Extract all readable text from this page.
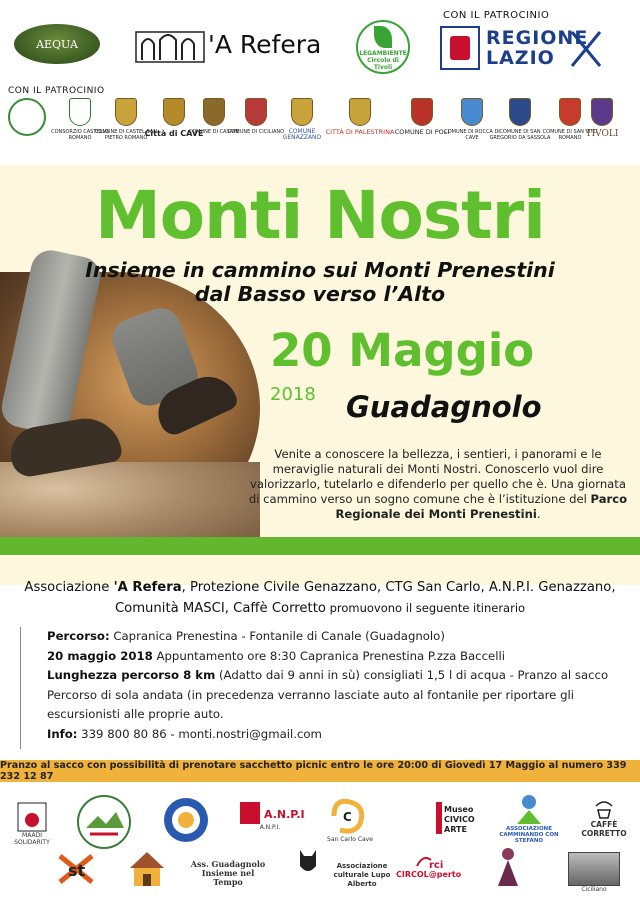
AEQUA	'A Refera	LEGAMBIENTE Circolo di Tivoli
CON IL PATROCINIO
REGIONE
LAZIO
CON IL PATROCINIO
CONSORZIO CASTELLO ROMANO
COMUNE DI CASTEL SAN PIETRO ROMANO
Città di CAVE
COMUNE DI CASAPE
COMUNE DI CICILIANO COMUNE GENAZZANO
CITTÀ DI PALESTRINA COMUNE DI POLI
COMUNE DI ROCCA DI CAVE
COMUNE DI SAN GREGORIO DA SASSOLA
COMUNE DI SAN VITO ROMANO TIVOLI
Monti Nostri
Insieme in cammino sui Monti Prenestini
dal Basso verso l’Alto
20 Maggio
2018 Guadagnolo
Venite a conoscere la bellezza, i sentieri, i panorami e le meraviglie naturali dei Monti Nostri. Conoscerlo vuol dire valorizzarlo, tutelarlo e difenderlo per quello che è. Una giornata di cammino verso un sogno comune che è l’istituzione del Parco Regionale dei Monti Prenestini.
Associazione 'A Refera, Protezione Civile Genazzano, CTG San Carlo, A.N.P.I. Genazzano,
Comunità MASCI, Caffè Corretto promuovono il seguente itinerario
Percorso: Capranica Prenestina - Fontanile di Canale (Guadagnolo)
20 maggio 2018 Appuntamento ore 8:30 Capranica Prenestina P.zza Baccelli
Lunghezza percorso 8 km (Adatto dai 9 anni in sù) consigliati 1,5 l di acqua - Pranzo al sacco
Percorso di sola andata (in precedenza verranno lasciate auto al fontanile per riportare gli escursionisti alle proprie auto.
Info: 339 800 80 86 - monti.nostri@gmail.com
Pranzo al sacco con possibilità di prenotare sacchetto picnic entro le ore 20:00 di Giovedì 17 Maggio al numero 339 232 12 87
MAADI SOLIDARITY
A.N.P.I
A.N.P.I.
C
San Carlo Cave
Museo
CIVICO
ARTE	ASSOCIAZIONE CAMMINANDO CON STEFANO
CAFFÈ CORRETTO
st	Ass. Guadagnolo Insieme nel Tempo
Associazione culturale Lupo Alberto
rci
CIRCOL@perto
Ciciliano
